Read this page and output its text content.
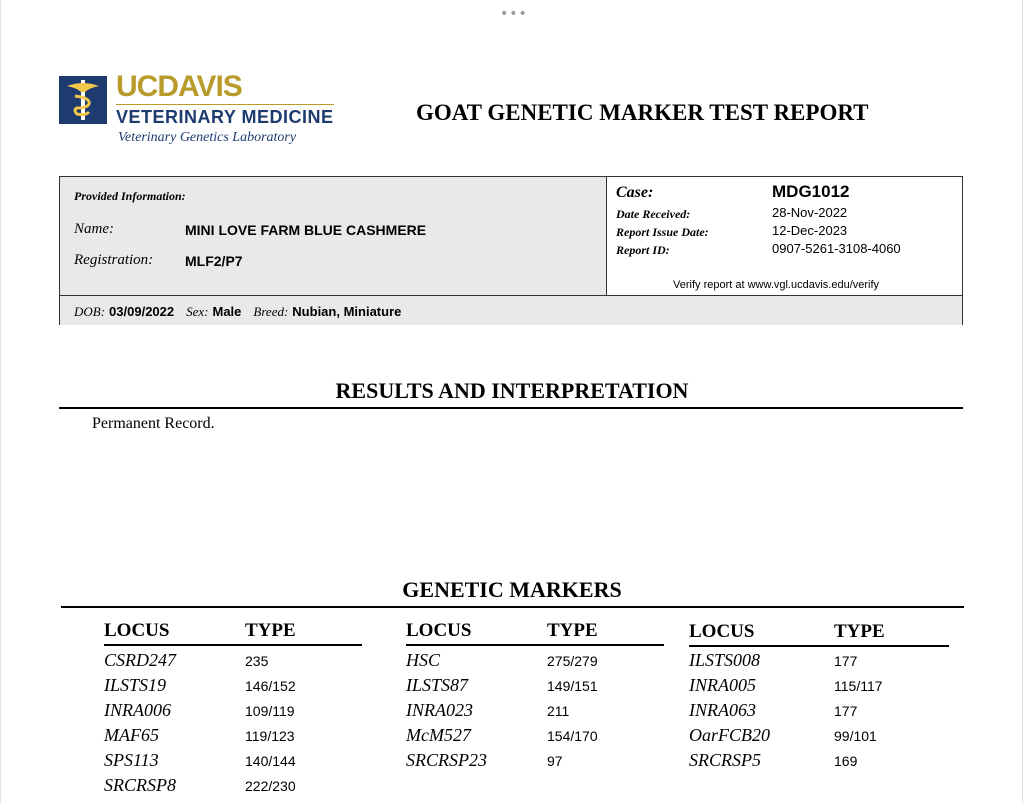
•••
UCDAVIS
VETERINARY MEDICINE
Veterinary Genetics Laboratory
GOAT GENETIC MARKER TEST REPORT
Provided Information:
Name:	MINI LOVE FARM BLUE CASHMERE
Registration: MLF2/P7
Case:	MDG1012
Date Received:	28-Nov-2022
Report Issue Date:	12-Dec-2023
Report ID:	0907-5261-3108-4060
Verify report at www.vgl.ucdavis.edu/verify
DOB: 03/09/2022 Sex: Male Breed: Nubian, Miniature
RESULTS AND INTERPRETATION
Permanent Record.
GENETIC MARKERS
LOCUS	TYPE
CSRD247	235
ILSTS19	146/152
INRA006	109/119
MAF65	119/123
SPS113	140/144
SRCRSP8	222/230
LOCUS	TYPE
HSC	275/279
ILSTS87	149/151
INRA023	211
McM527	154/170
SRCRSP23	97
LOCUS	TYPE
ILSTS008	177
INRA005	115/117
INRA063	177
OarFCB20	99/101
SRCRSP5	169
